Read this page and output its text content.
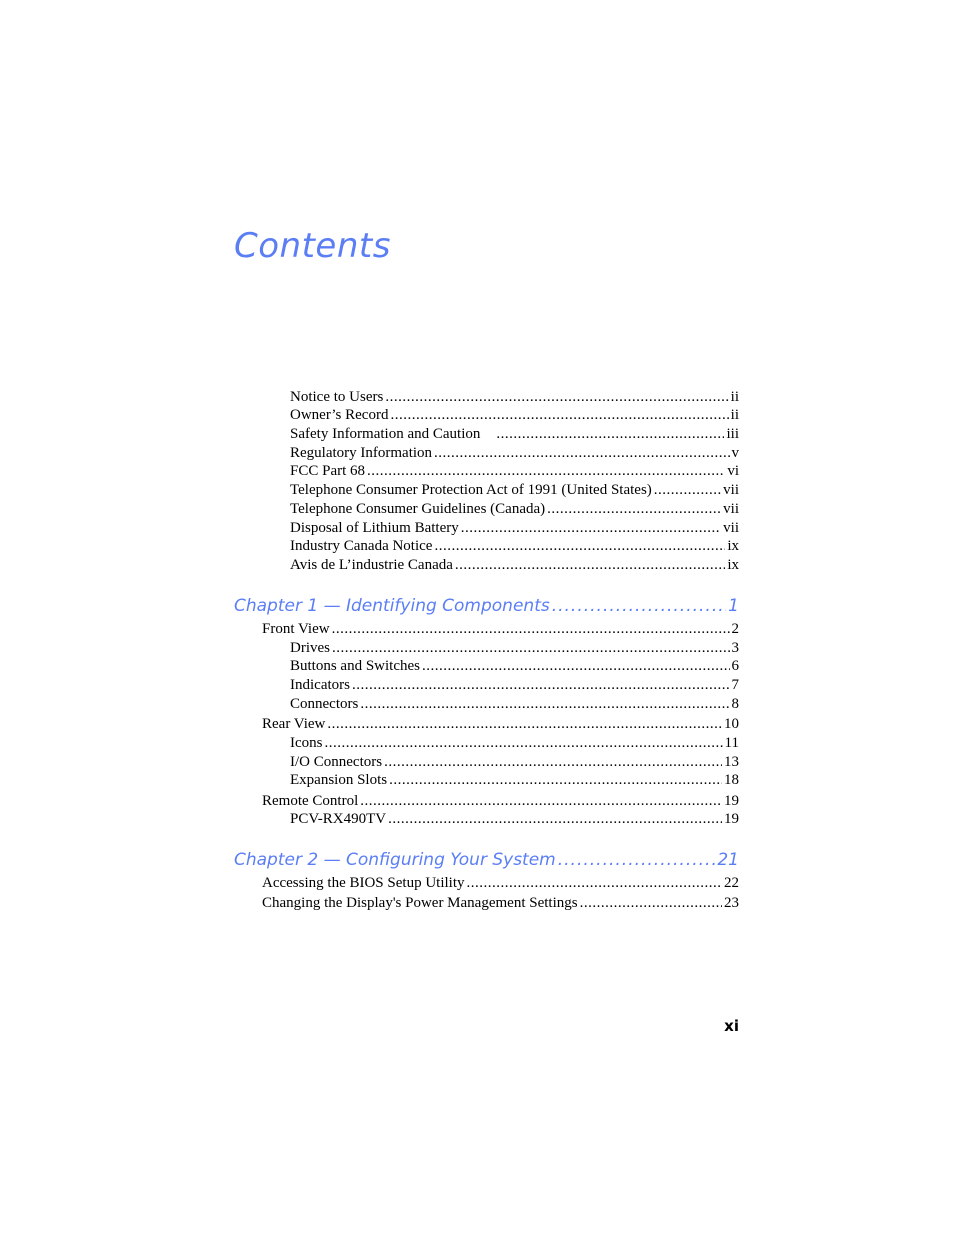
Contents
Notice to Users .....	ii
Owner’s Record .....	ii
Safety Information and Caution .....	iii
Regulatory Information .....	v
FCC Part 68 .....	vi
Telephone Consumer Protection Act of 1991 (United States) .....	vii
Telephone Consumer Guidelines (Canada) .....	vii
Disposal of Lithium Battery .....	vii
Industry Canada Notice .....	ix
Avis de L’industrie Canada .....	ix
Chapter 1 — Identifying Components .....	1
Front View .....	2
Drives .....	3
Buttons and Switches .....	6
Indicators .....	7
Connectors .....	8
Rear View .....	10
Icons .....	11
I/O Connectors .....	13
Expansion Slots .....	18
Remote Control .....	19
PCV-RX490TV .....	19
Chapter 2 — Configuring Your System .....	21
Accessing the BIOS Setup Utility .....	22
Changing the Display's Power Management Settings .....	23
xi
